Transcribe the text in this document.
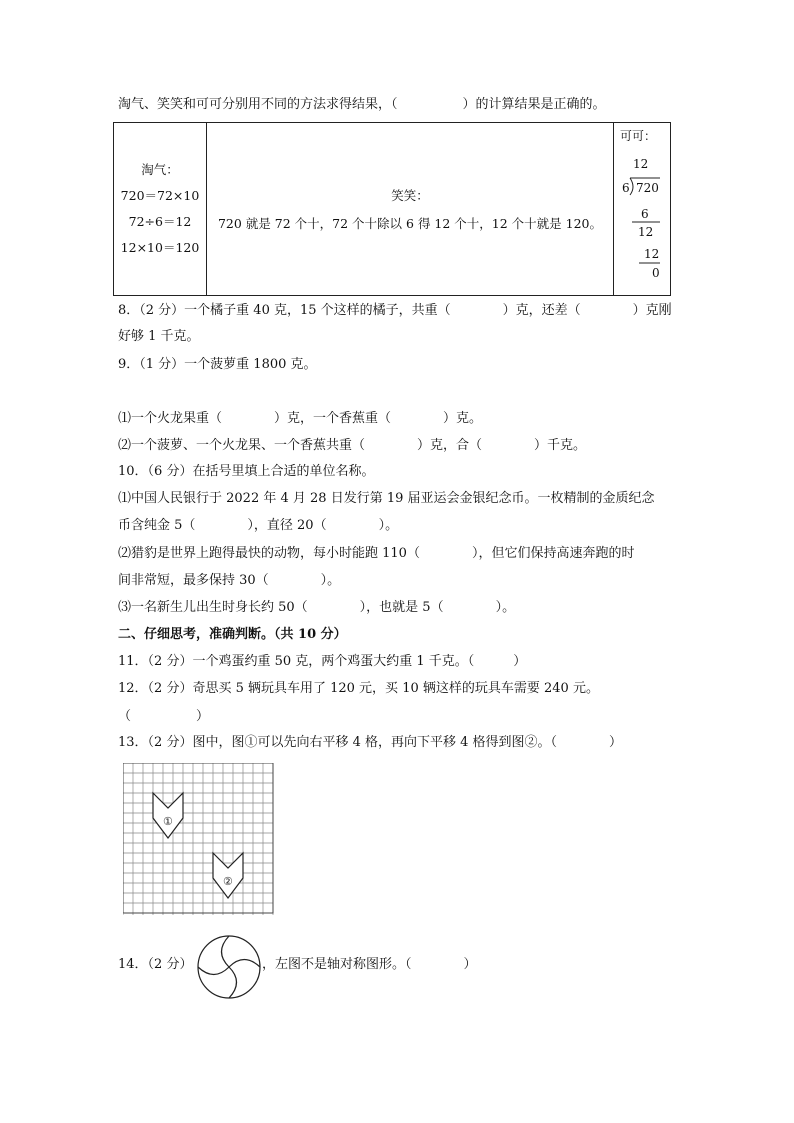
淘气、笑笑和可可分别用不同的方法求得结果，（　　　　　）的计算结果是正确的。
淘气：
720＝72×10
72÷6＝12
12×10＝120

笑笑：
720 就是 72 个十，72 个十除以 6 得 12 个十，12 个十就是 120。

可可：
12
6 720
6
12
12
0
8．（2 分）一个橘子重 40 克，15 个这样的橘子，共重（　　　　）克，还差（　　　　）克刚
好够 1 千克。
9．（1 分）一个菠萝重 1800 克。
⑴一个火龙果重（　　　　）克，一个香蕉重（　　　　）克。
⑵一个菠萝、一个火龙果、一个香蕉共重（　　　　）克，合（　　　　）千克。
10．（6 分）在括号里填上合适的单位名称。
⑴中国人民银行于 2022 年 4 月 28 日发行第 19 届亚运会金银纪念币。一枚精制的金质纪念
币含纯金 5（　　　　），直径 20（　　　　）。
⑵猎豹是世界上跑得最快的动物，每小时能跑 110（　　　　），但它们保持高速奔跑的时
间非常短，最多保持 30（　　　　）。
⑶一名新生儿出生时身长约 50（　　　　），也就是 5（　　　　）。
二、仔细思考，准确判断。（共 10 分）
11．（2 分）一个鸡蛋约重 50 克，两个鸡蛋大约重 1 千克。（　　　）
12．（2 分）奇思买 5 辆玩具车用了 120 元，买 10 辆这样的玩具车需要 240 元。
（　　　　　）
13．（2 分）图中，图①可以先向右平移 4 格，再向下平移 4 格得到图②。（　　　　）
①
②
14．（2 分）	，左图不是轴对称图形。（　　　　）
